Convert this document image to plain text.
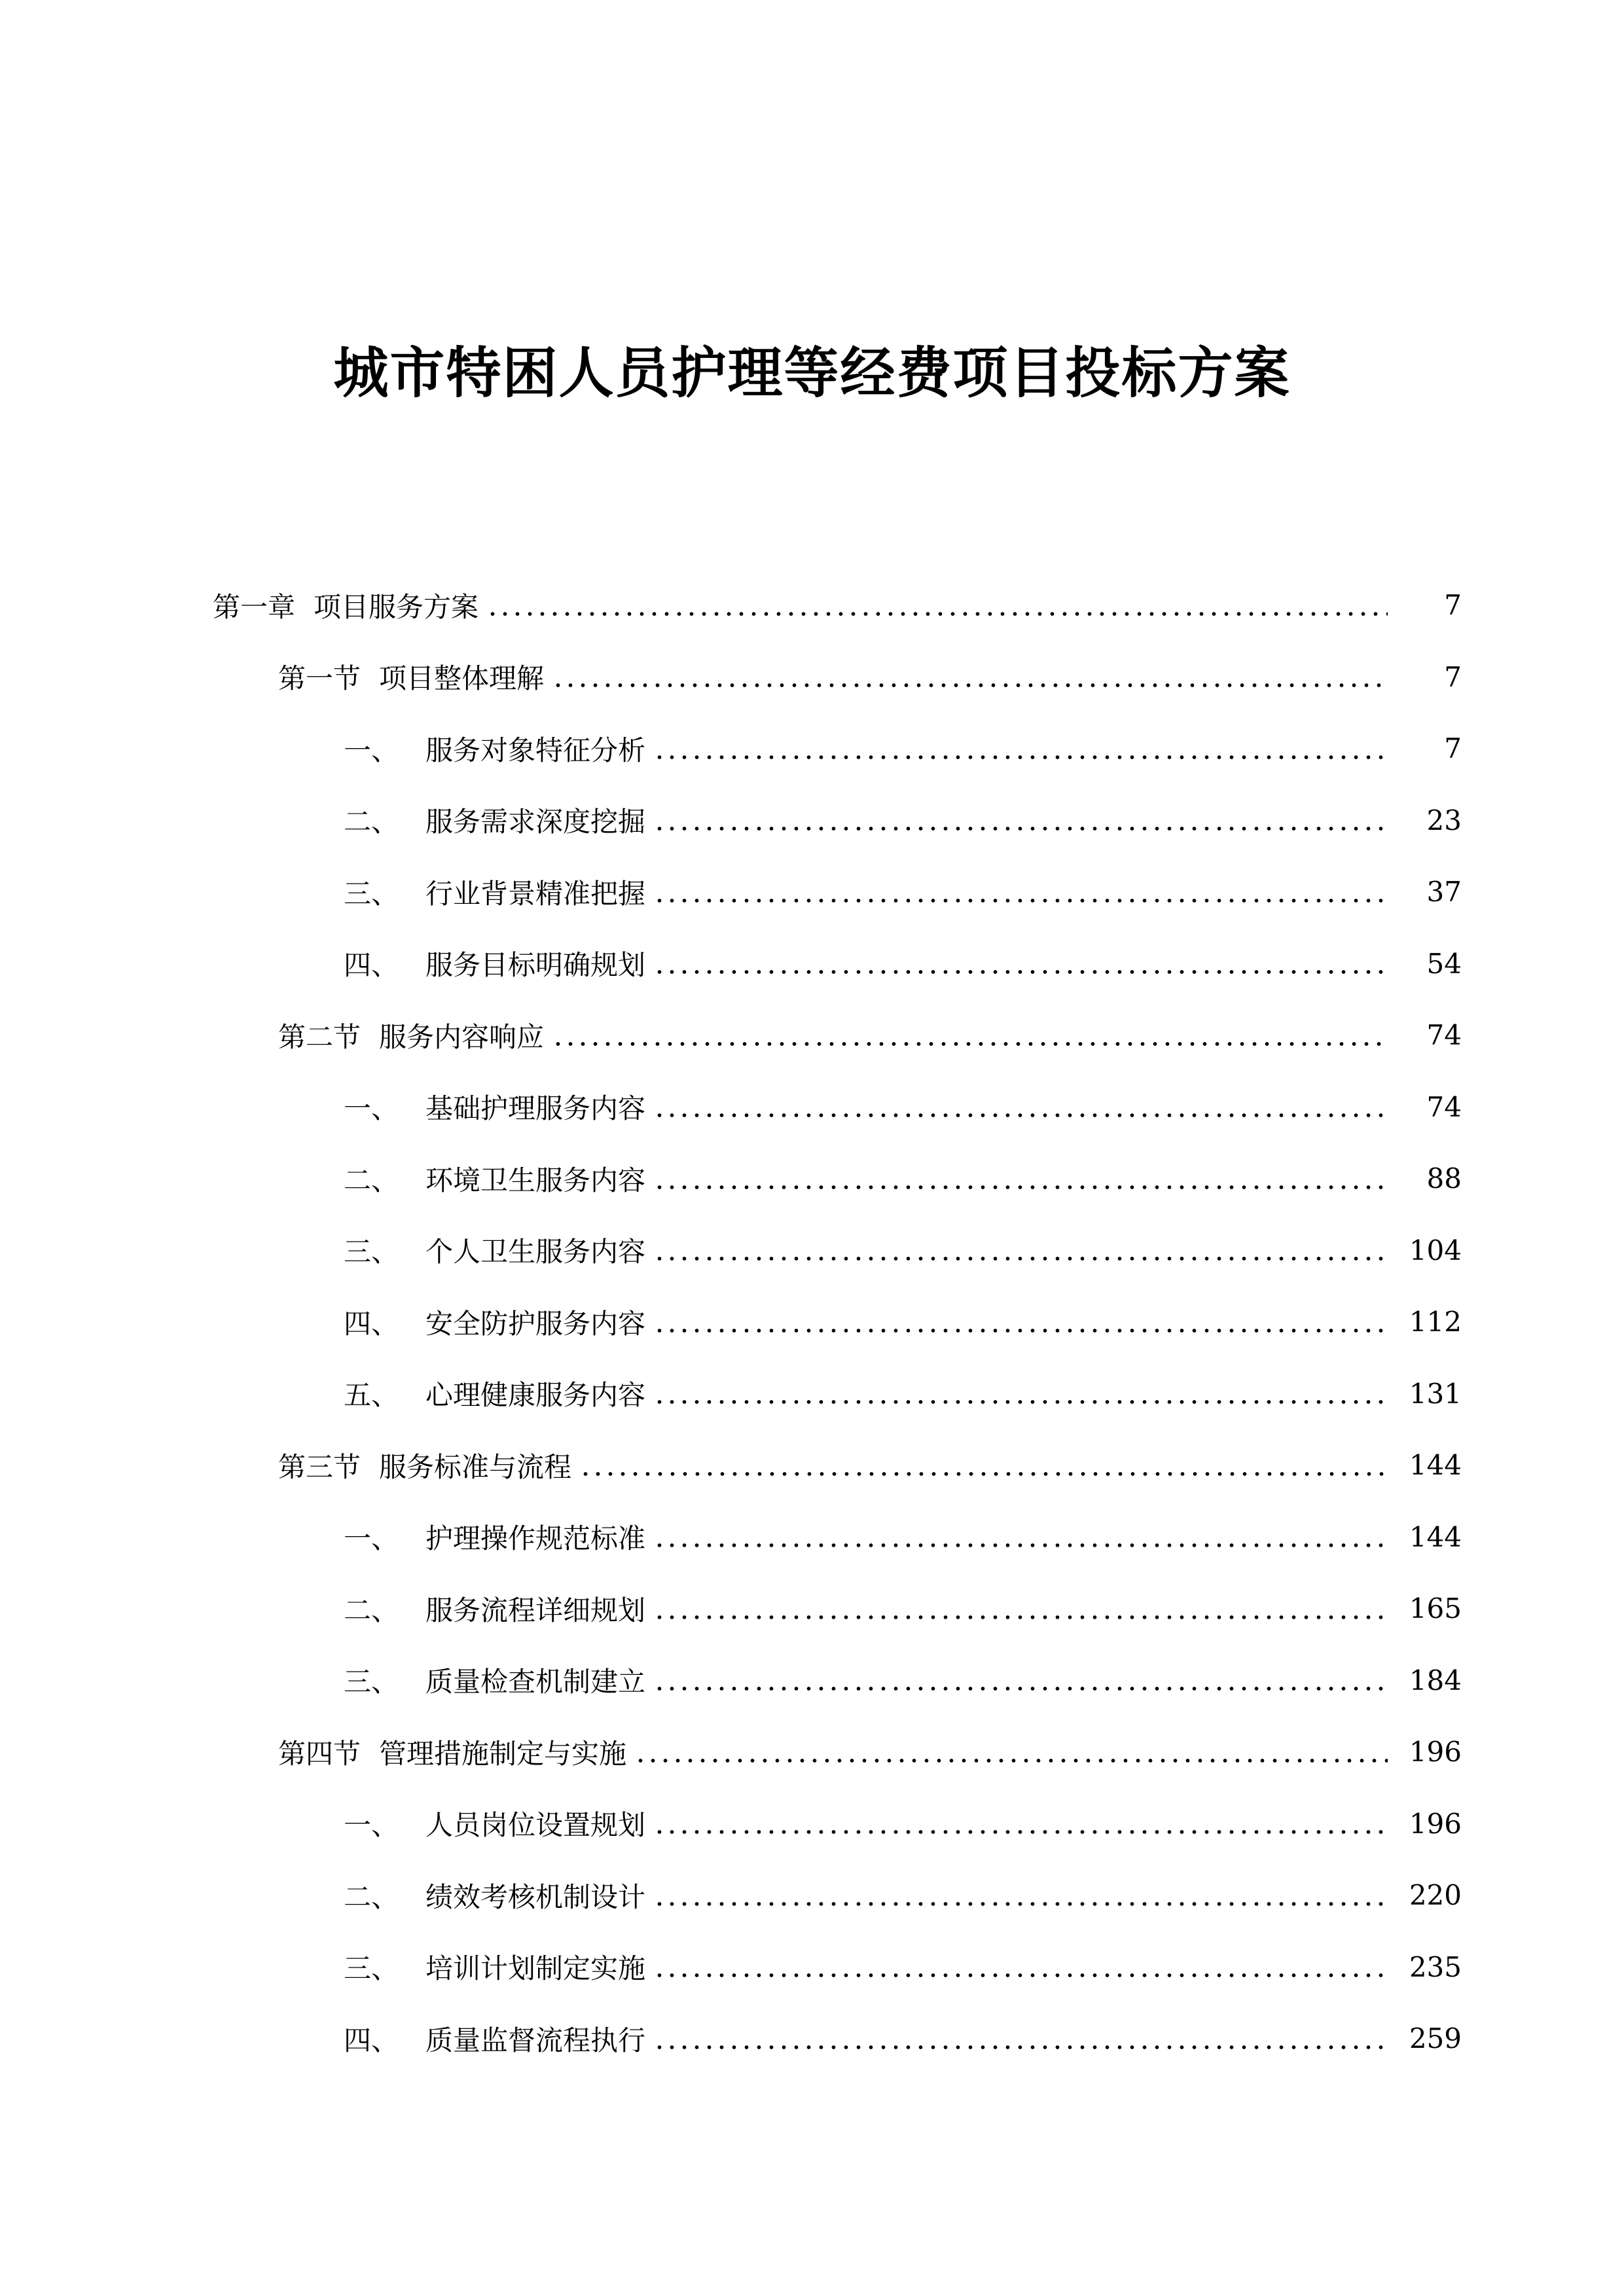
城市特困人员护理等经费项目投标方案
第一章 项目服务方案	7
第一节 项目整体理解	7
一、 服务对象特征分析	7
二、 服务需求深度挖掘	23
三、 行业背景精准把握	37
四、 服务目标明确规划	54
第二节 服务内容响应	74
一、 基础护理服务内容	74
二、 环境卫生服务内容	88
三、 个人卫生服务内容	104
四、 安全防护服务内容	112
五、 心理健康服务内容	131
第三节 服务标准与流程	144
一、 护理操作规范标准	144
二、 服务流程详细规划	165
三、 质量检查机制建立	184
第四节 管理措施制定与实施	196
一、 人员岗位设置规划	196
二、 绩效考核机制设计	220
三、 培训计划制定实施	235
四、 质量监督流程执行	259
